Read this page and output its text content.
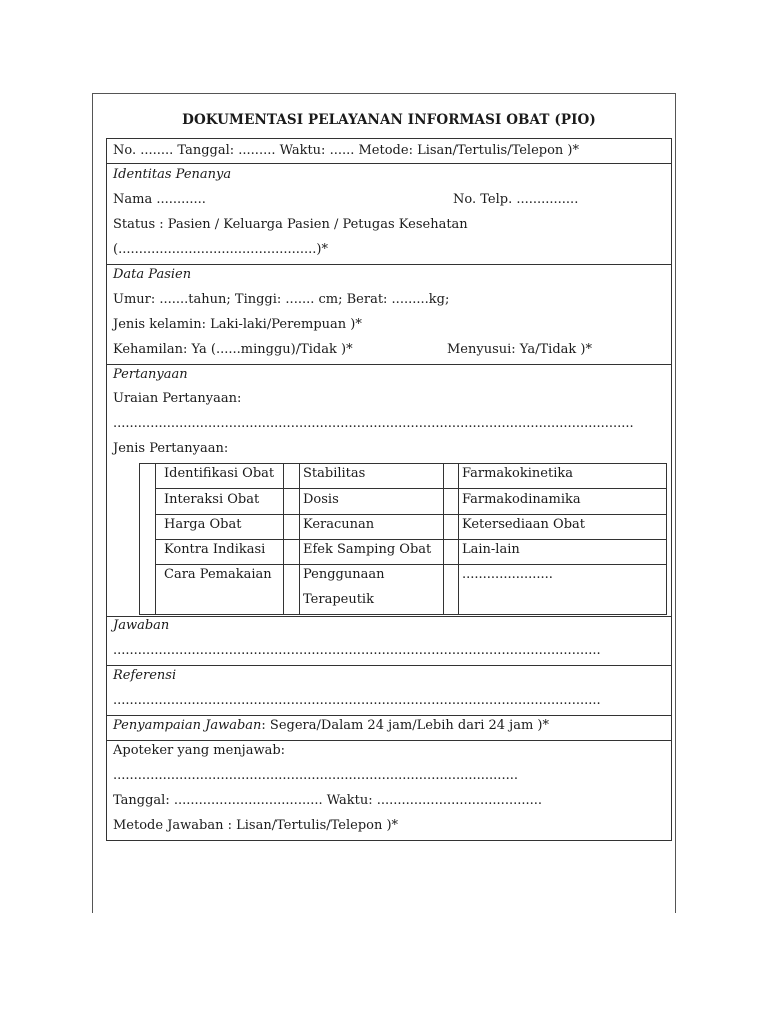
DOKUMENTASI PELAYANAN INFORMASI OBAT (PIO)
No. ........ Tanggal: ......... Waktu: ...... Metode: Lisan/Tertulis/Telepon )*
Identitas Penanya
Nama ............	No. Telp. ...............
Status : Pasien / Keluarga Pasien / Petugas Kesehatan
(................................................)*
Data Pasien
Umur: .......tahun; Tinggi: ....... cm; Berat: .........kg;
Jenis kelamin: Laki-laki/Perempuan )*
Kehamilan: Ya (......minggu)/Tidak )*	Menyusui: Ya/Tidak )*
Pertanyaan
Uraian Pertanyaan:
..............................................................................................................................
Jenis Pertanyaan:
Identifikasi Obat
Interaksi Obat
Harga Obat
Kontra Indikasi
Cara Pemakaian
Stabilitas
Dosis
Keracunan
Efek Samping Obat
Penggunaan
Terapeutik
Farmakokinetika
Farmakodinamika
Ketersediaan Obat
Lain-lain
......................
Jawaban
......................................................................................................................
Referensi
......................................................................................................................
Penyampaian Jawaban: Segera/Dalam 24 jam/Lebih dari 24 jam )*
Apoteker yang menjawab:
..................................................................................................
Tanggal: .................................... Waktu: ........................................
Metode Jawaban : Lisan/Tertulis/Telepon )*
